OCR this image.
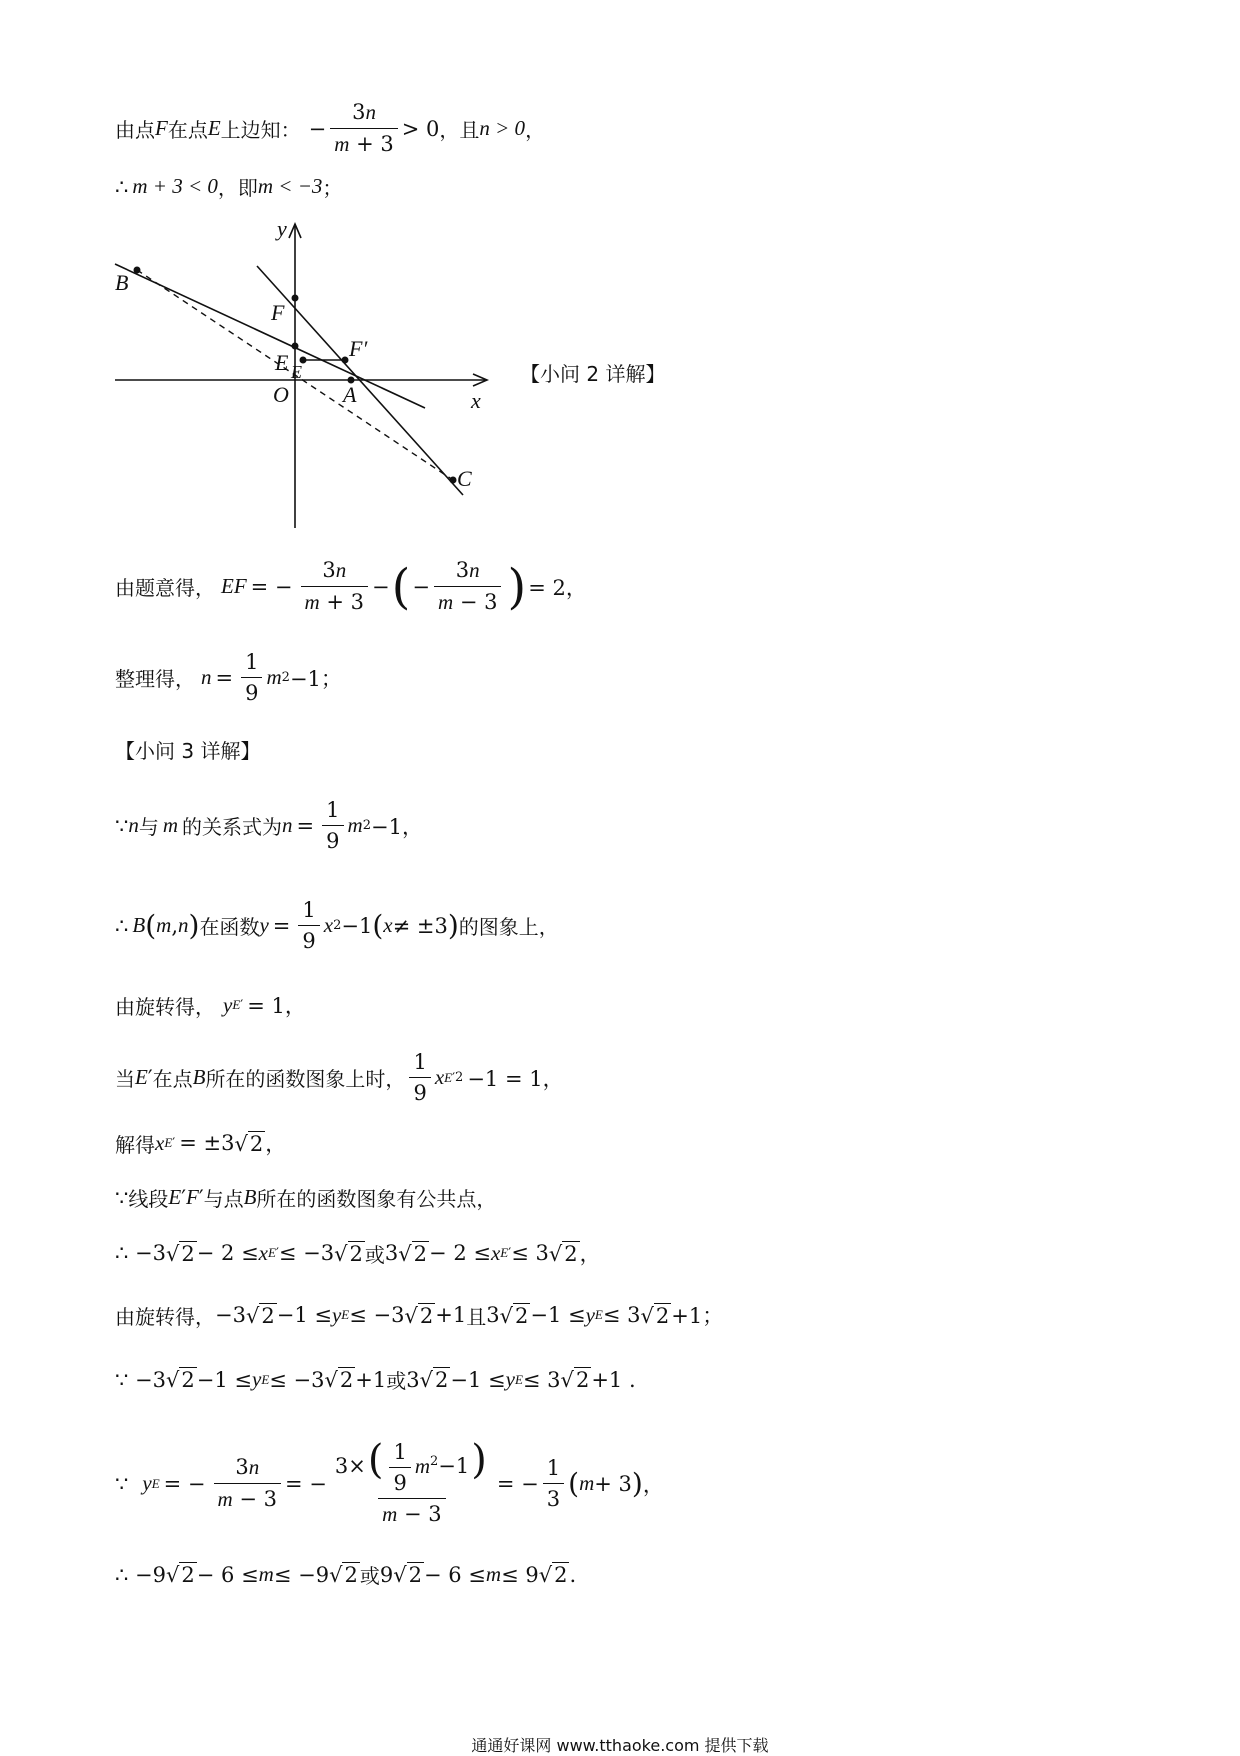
由点 F 在点 E 上边知： − $\frac{3n}{m + 3} > 0$ ，且 n > 0 ，
∴ m + 3 < 0 ，即 m < −3 ；
y
x
B
F
E E
F′
O A
C
【小问 2 详解】
由题意得， EF = − $\frac{3n}{m + 3}$ − ( − $\frac{3n}{m - 3}$ ) = 2，
整理得， $n = \frac{1}{9}$ m 2 −1；
【小问 3 详解】
∵ n 与 m 的关系式为 $n = \frac{1}{9}$ m 2 −1，
∴ B ( m , n ) 在函数 $y = \frac{1}{9}$ x 2 −1 ( x ≠ ±3 ) 的图象上，
由旋转得， y E′ = 1，
当 E ′ 在点 B 所在的函数图象上时， $\frac{1}{9}$ x E′ 2 −1 = 1，
解得 x E′ = ±3 √ 2 ，
∵ 线段 E ′ F ′ 与点 B 所在的函数图象有公共点，
∴ −3 √ 2 − 2 ≤ x E′ ≤ −3 √ 2 或 3 √ 2 − 2 ≤ x E′ ≤ 3 √ 2 ，
由旋转得， −3 √ 2 −1 ≤ y E ≤ −3 √ 2 +1 且 3 √ 2 −1 ≤ y E ≤ 3 √ 2 +1；
∵ −3 √ 2 −1 ≤ y E ≤ −3 √ 2 +1 或 3 √ 2 −1 ≤ y E ≤ 3 √ 2 +1 .
∵ y E = − $\frac{3n}{m - 3}$ = − $\frac{3\times( \frac{1}{9} m^2-1)}{m - 3}$ = − $\frac{1}{3}$ ( m + 3 ) ，
∴ −9 √ 2 − 6 ≤ m ≤ −9 √ 2 或 9 √ 2 − 6 ≤ m ≤ 9 √ 2 .
通通好课网 www.tthaoke.com 提供下载
